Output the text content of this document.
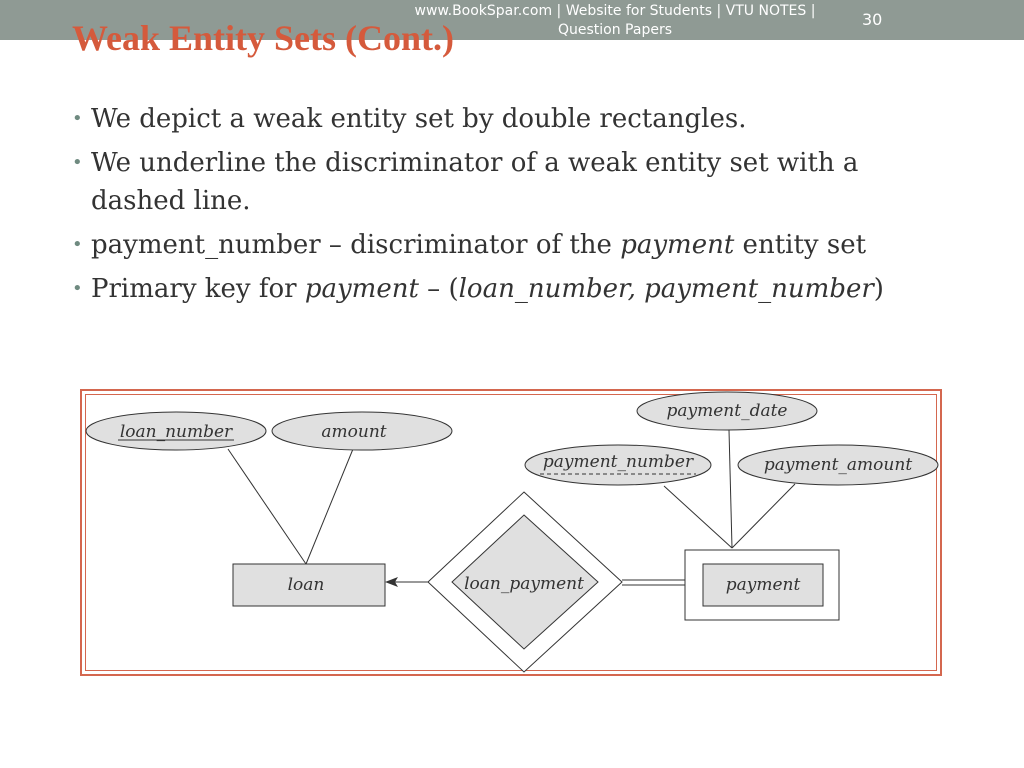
www.BookSpar.com | Website for Students | VTU NOTES | Question Papers
30
Weak Entity Sets (Cont.)
• We depict a weak entity set by double rectangles.
• We underline the discriminator of a weak entity set with a dashed line.
• payment_number – discriminator of the payment entity set
• Primary key for payment – (loan_number, payment_number)
loan_number	amount
payment_date
payment_number	payment_amount
loan	loan_payment	payment
